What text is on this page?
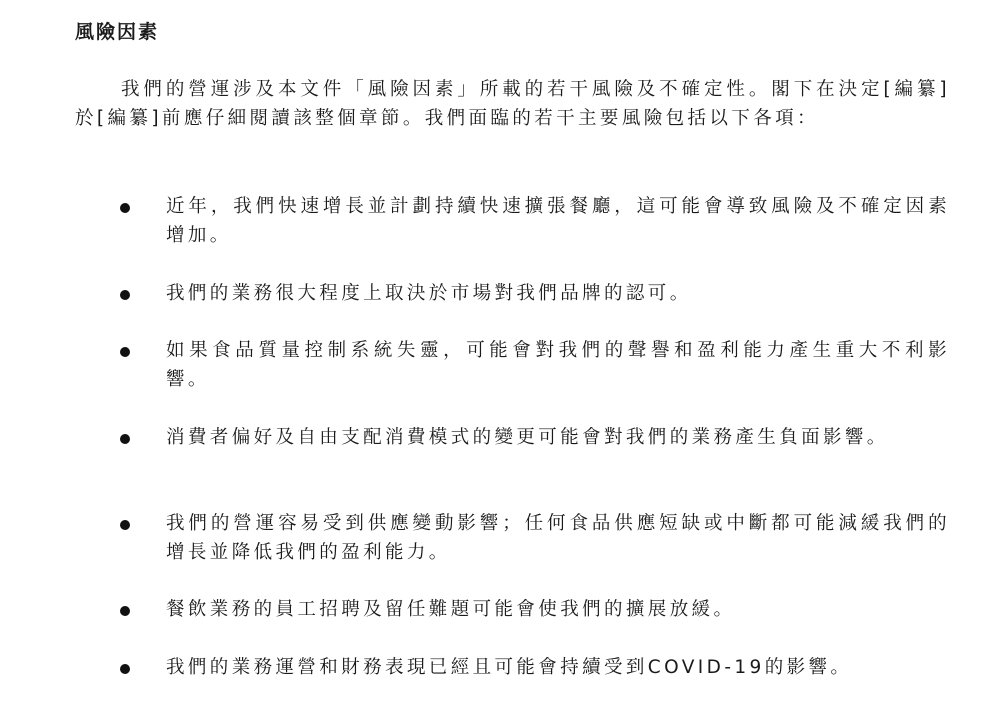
風險因素

我們的營運涉及本文件「風險因素」所載的若干風險及不確定性。閣下在決定[編纂]於[編纂]前應仔細閱讀該整個章節。我們面臨的若干主要風險包括以下各項：

近年，我們快速增長並計劃持續快速擴張餐廳，這可能會導致風險及不確定因素增加。

我們的業務很大程度上取決於市場對我們品牌的認可。

如果食品質量控制系統失靈，可能會對我們的聲譽和盈利能力產生重大不利影響。

消費者偏好及自由支配消費模式的變更可能會對我們的業務產生負面影響。

我們的營運容易受到供應變動影響；任何食品供應短缺或中斷都可能減緩我們的增長並降低我們的盈利能力。

餐飲業務的員工招聘及留任難題可能會使我們的擴展放緩。

我們的業務運營和財務表現已經且可能會持續受到COVID-19的影響。
